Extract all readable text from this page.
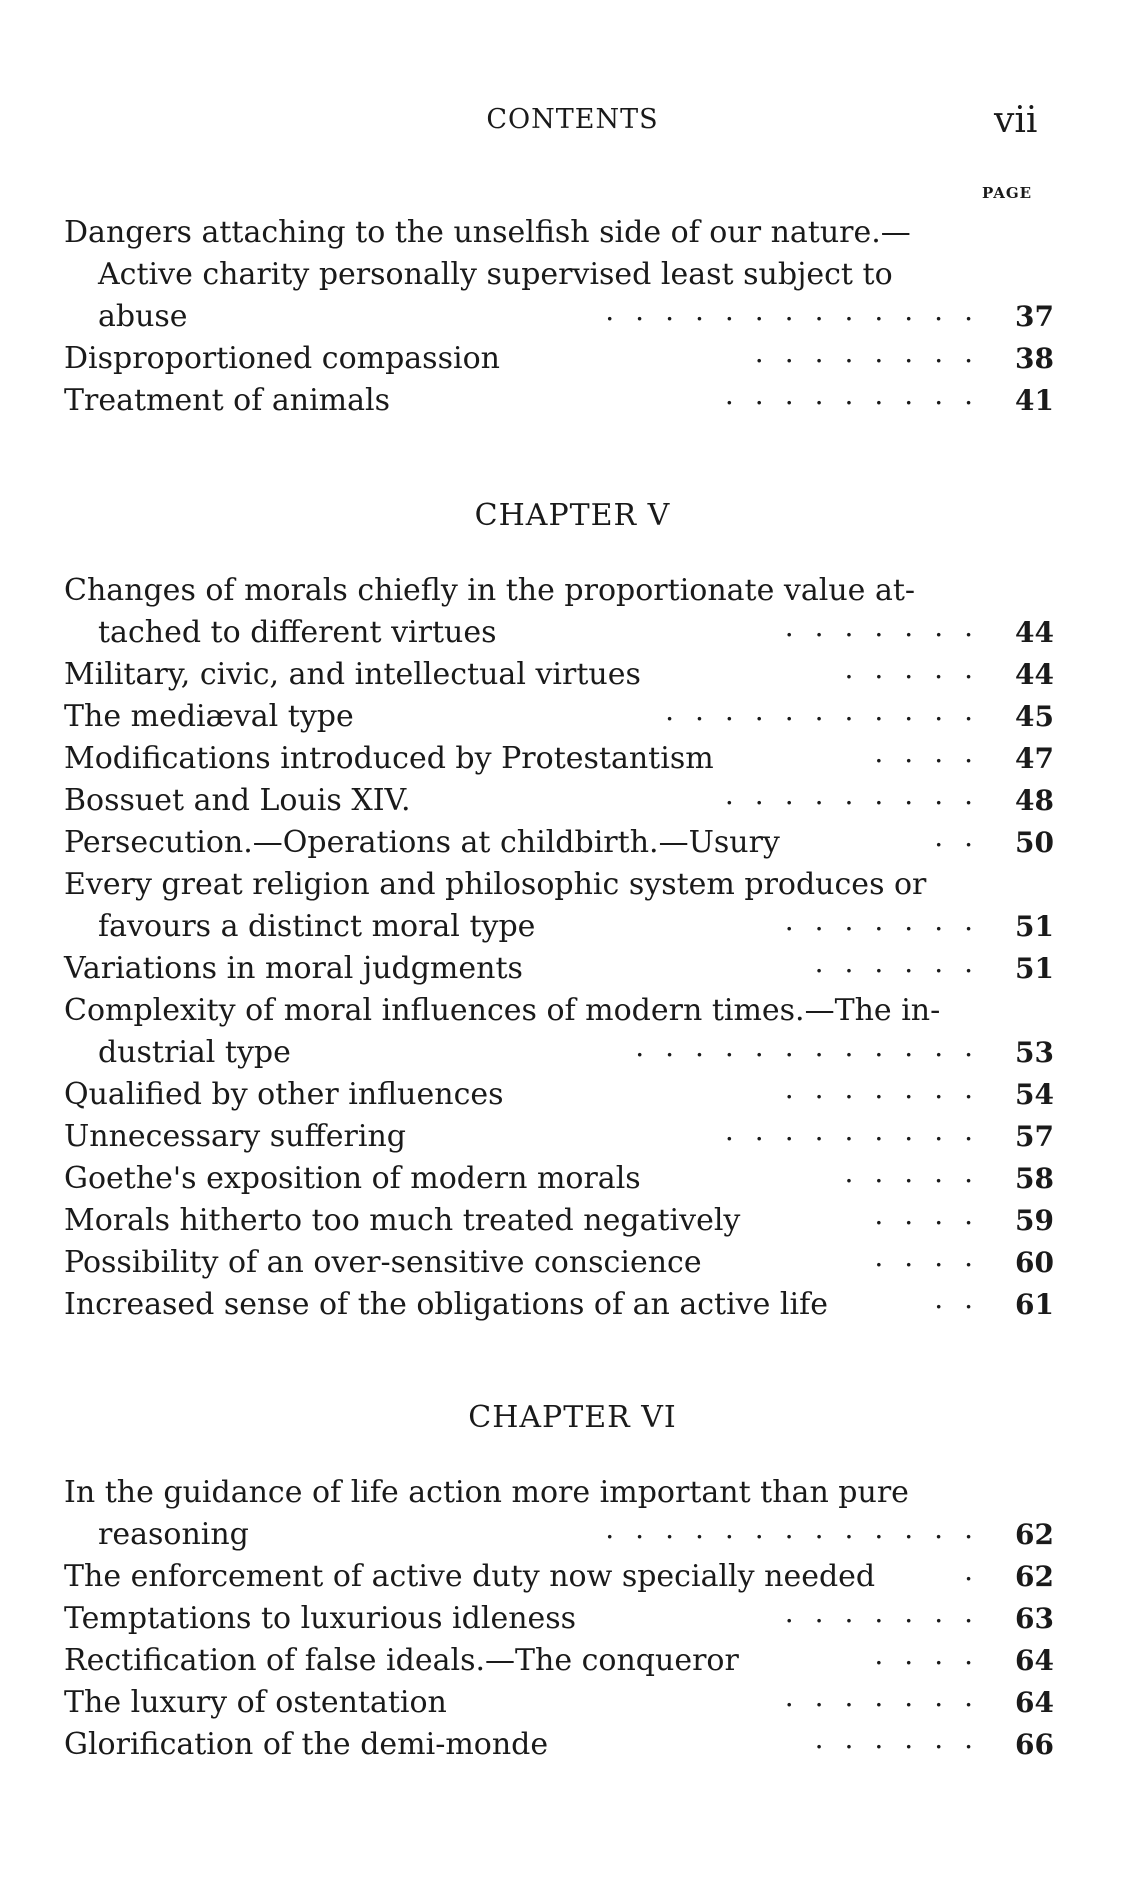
CONTENTS	vii
PAGE
Dangers attaching to the unselfish side of our nature.—
Active charity personally supervised least subject to
abuse	............. 37
Disproportioned compassion	........ 38
Treatment of animals	......... 41
CHAPTER V
Changes of morals chiefly in the proportionate value at-
tached to different virtues	....... 44
Military, civic, and intellectual virtues	..... 44
The mediæval type	........... 45
Modifications introduced by Protestantism	.... 47
Bossuet and Louis XIV.	......... 48
Persecution.—Operations at childbirth.—Usury	.. 50
Every great religion and philosophic system produces or
favours a distinct moral type	....... 51
Variations in moral judgments	...... 51
Complexity of moral influences of modern times.—The in-
dustrial type	............ 53
Qualified by other influences	....... 54
Unnecessary suffering	......... 57
Goethe's exposition of modern morals	..... 58
Morals hitherto too much treated negatively	.... 59
Possibility of an over-sensitive conscience	.... 60
Increased sense of the obligations of an active life	.. 61
CHAPTER VI
In the guidance of life action more important than pure
reasoning	............. 62
The enforcement of active duty now specially needed	. 62
Temptations to luxurious idleness	....... 63
Rectification of false ideals.—The conqueror	.... 64
The luxury of ostentation	....... 64
Glorification of the demi-monde	...... 66
